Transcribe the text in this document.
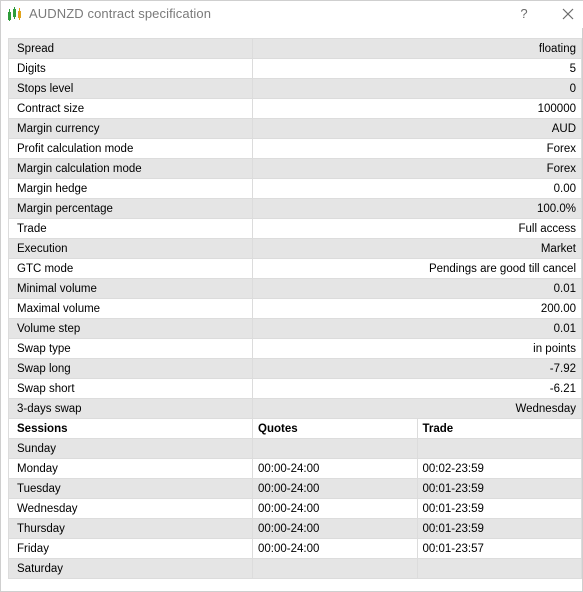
AUDNZD contract specification	?
Spread	floating	
Digits	5	
Stops level	0	
Contract size	100000	
Margin currency	AUD	
Profit calculation mode	Forex	
Margin calculation mode	Forex	
Margin hedge	0.00	
Margin percentage	100.0%	
Trade	Full access	
Execution	Market	
GTC mode	Pendings are good till cancel	
Minimal volume	0.01	
Maximal volume	200.00	
Volume step	0.01	
Swap type	in points	
Swap long	-7.92	
Swap short	-6.21	
3-days swap	Wednesday	
Sessions	Quotes	Trade
Sunday		
Monday	00:00-24:00	00:02-23:59
Tuesday	00:00-24:00	00:01-23:59
Wednesday	00:00-24:00	00:01-23:59
Thursday	00:00-24:00	00:01-23:59
Friday	00:00-24:00	00:01-23:57
Saturday		
